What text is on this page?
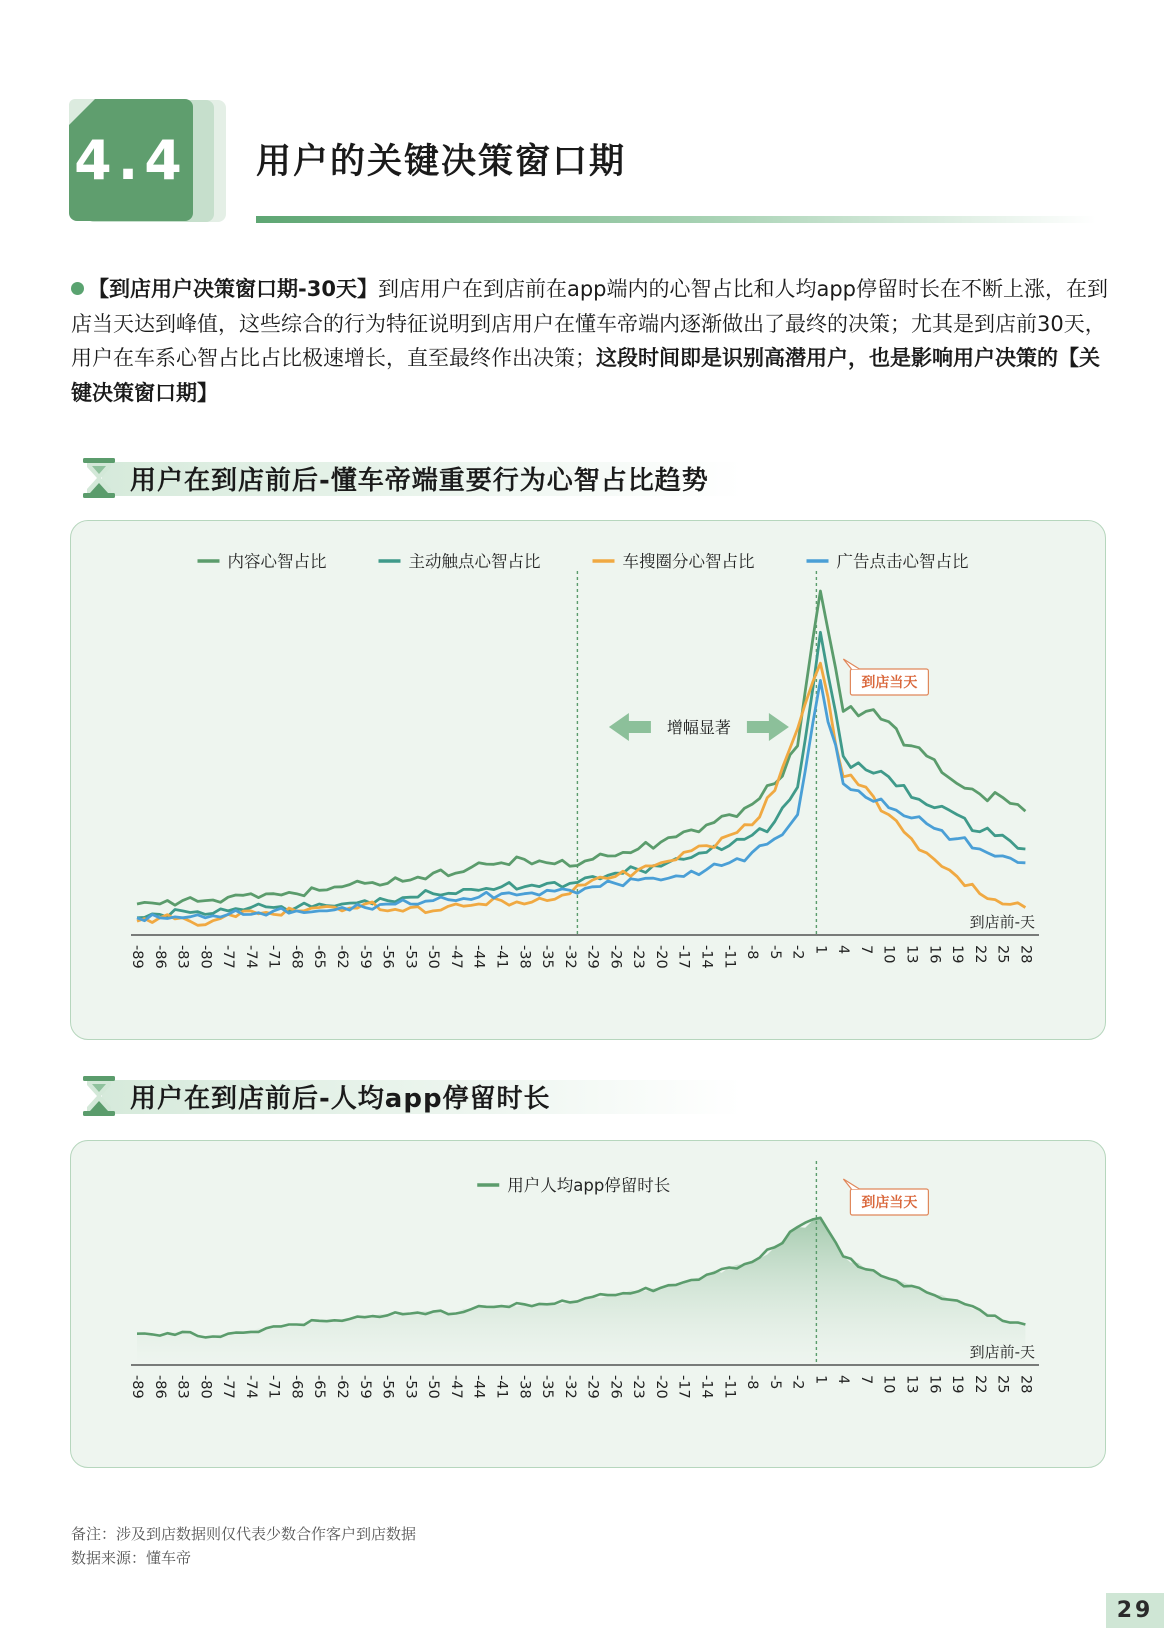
4.4 用户的关键决策窗口期
【到店用户决策窗口期-30天】到店用户在到店前在app端内的心智占比和人均app停留时长在不断上涨，在到店当天达到峰值，这些综合的行为特征说明到店用户在懂车帝端内逐渐做出了最终的决策；尤其是到店前30天，用户在车系心智占比占比极速增长，直至最终作出决策；这段时间即是识别高潜用户，也是影响用户决策的【关键决策窗口期】
用户在到店前后-懂车帝端重要行为心智占比趋势
-89 -86 -83 -80 -77 -74 -71 -68 -65 -62 -59 -56 -53 -50 -47 -44 -41 -38 -35 -32 -29 -26 -23 -20 -17 -14 -11 -8 -5 -2 1 4 7 10 13 16 19 22 25 28
到店前-天
到店当天
增幅显著
内容心智占比	主动触点心智占比	车搜圈分心智占比	广告点击心智占比
用户在到店前后-人均app停留时长
-89 -86 -83 -80 -77 -74 -71 -68 -65 -62 -59 -56 -53 -50 -47 -44 -41 -38 -35 -32 -29 -26 -23 -20 -17 -14 -11 -8 -5 -2 1 4 7 10 13 16 19 22 25 28
到店前-天
到店当天
用户人均app停留时长
备注：涉及到店数据则仅代表少数合作客户到店数据
数据来源：懂车帝
29
